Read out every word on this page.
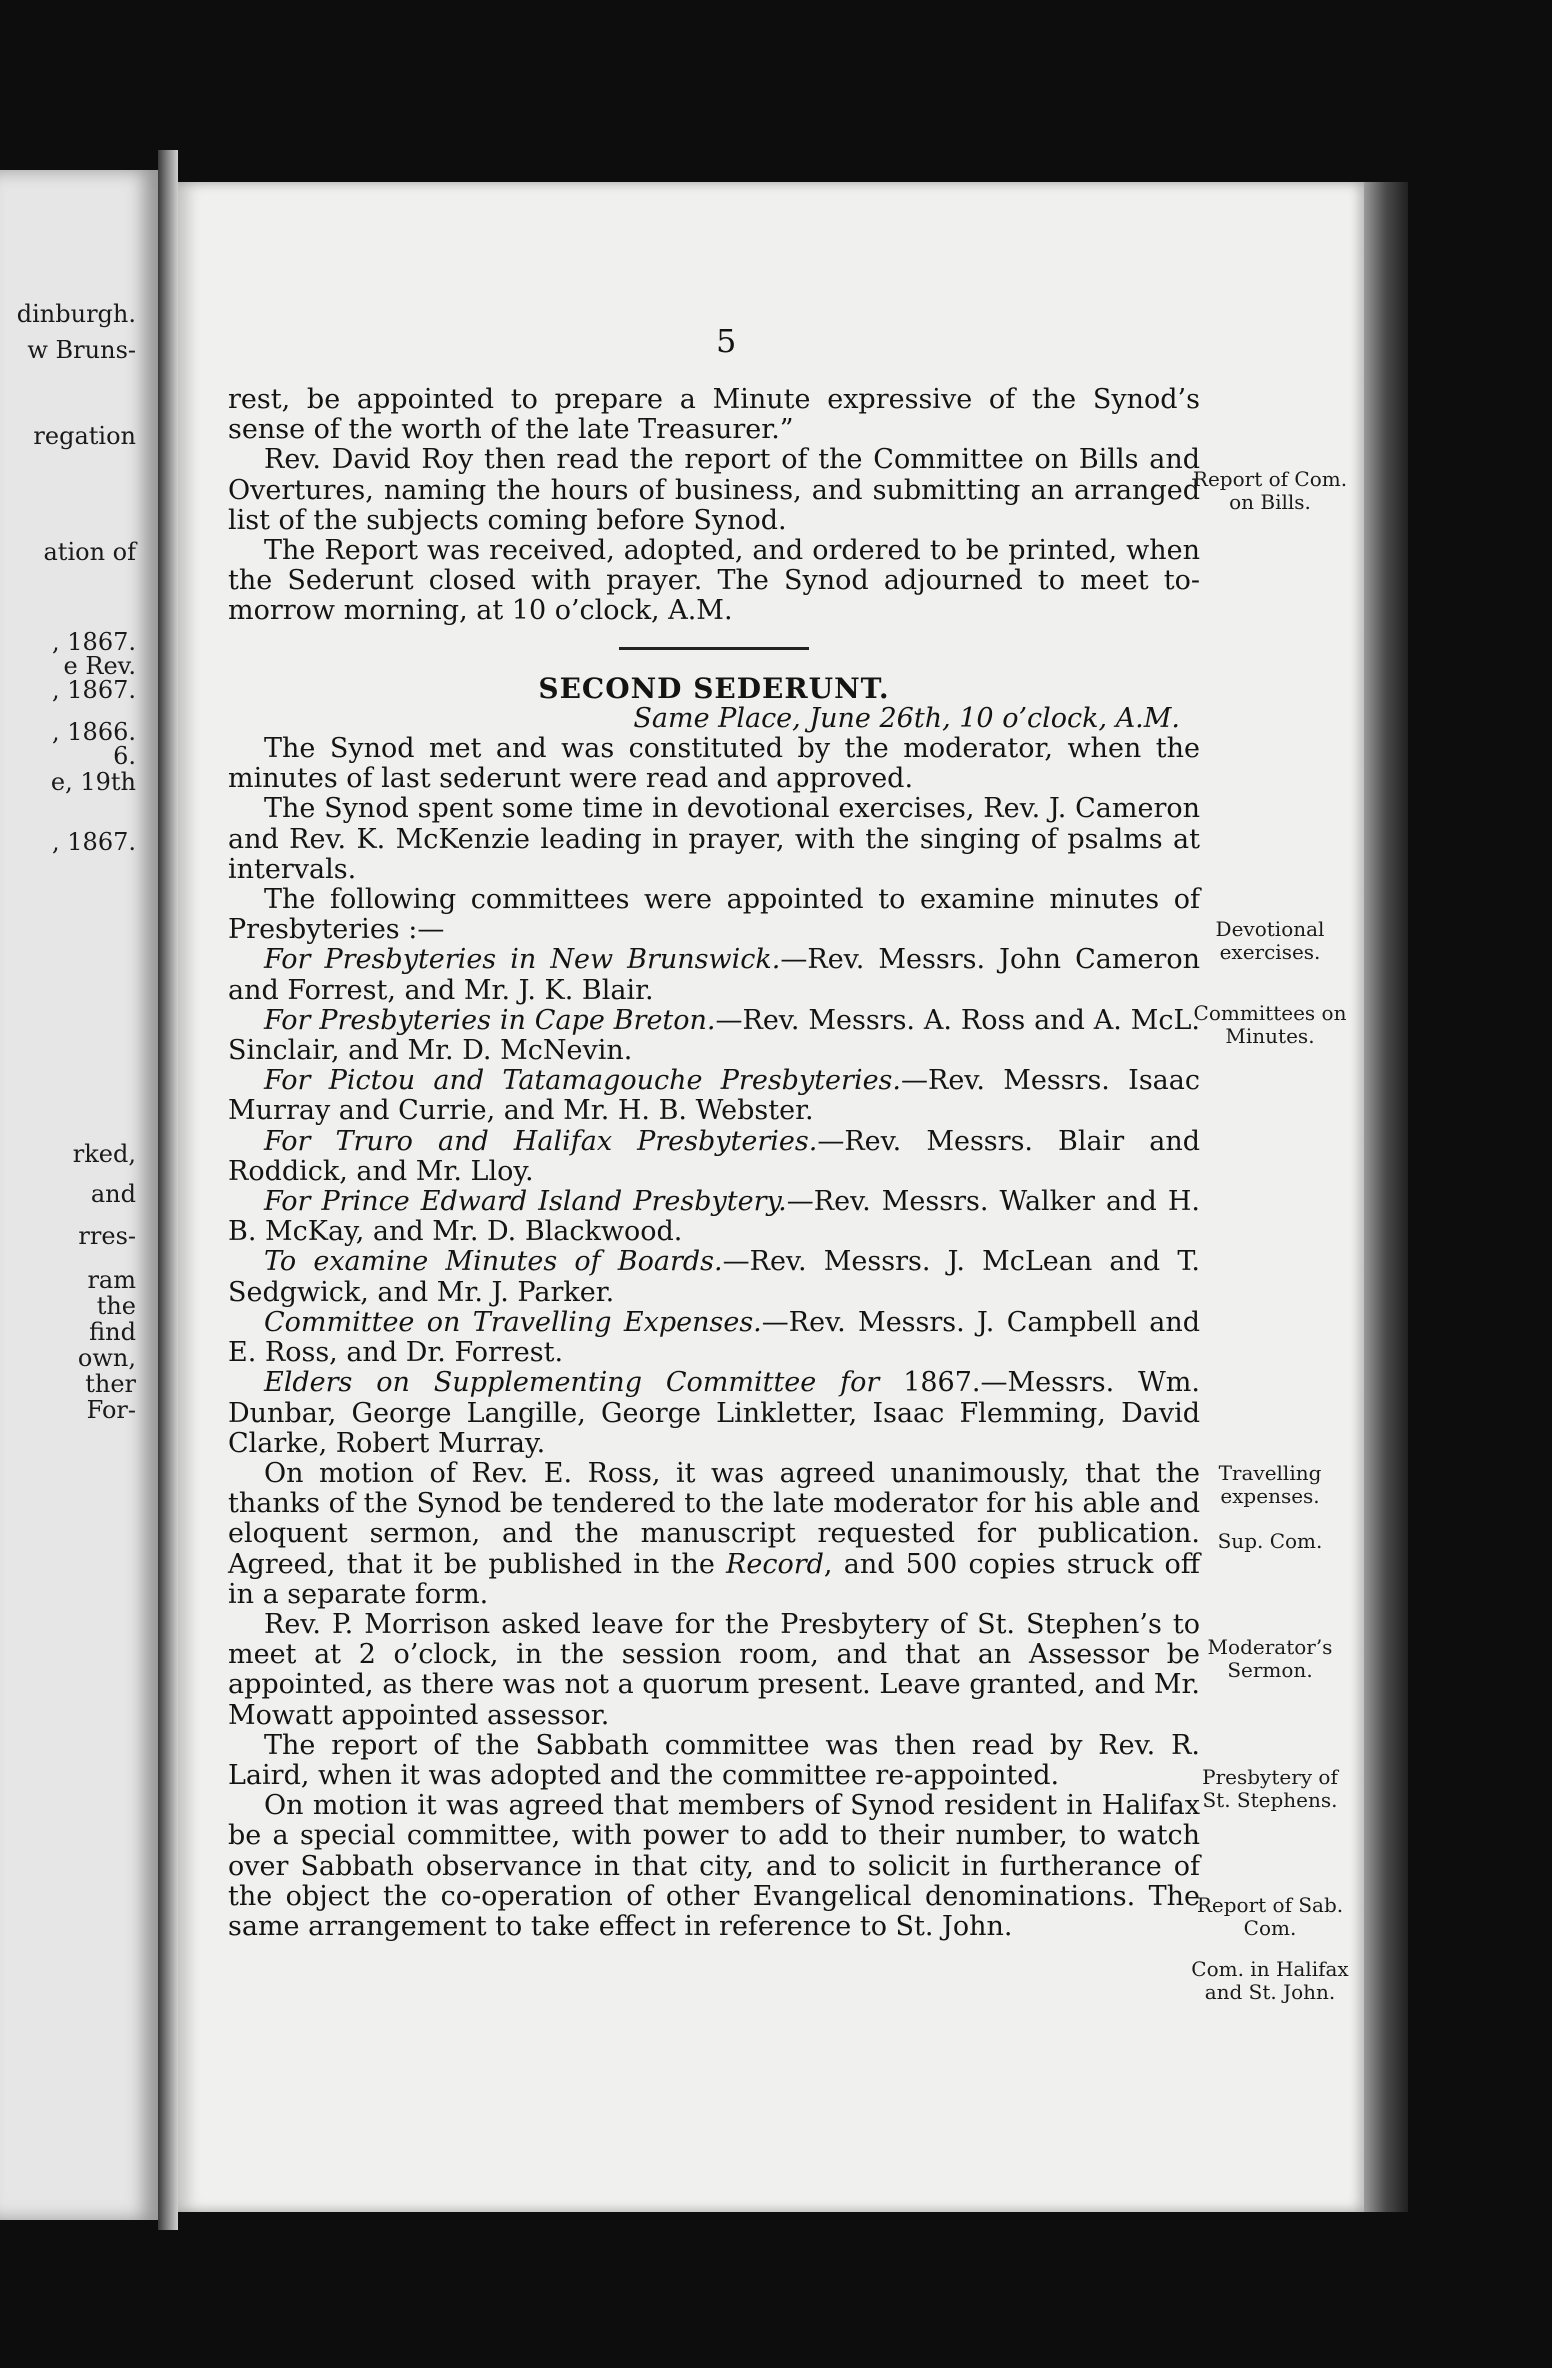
dinburgh.
w Bruns-
regation
ation of
, 1867.
e Rev.
, 1867.
, 1866.
6.
e, 19th
, 1867.
rked,
and
rres-
ram
the
find
own,
ther
For-
5

rest, be appointed to prepare a Minute expressive of the Synod’s sense of the worth of the late Treasurer.”

Rev. David Roy then read the report of the Committee on Bills and Overtures, naming the hours of business, and submitting an arranged list of the subjects coming before Synod.

The Report was received, adopted, and ordered to be printed, when the Sederunt closed with prayer. The Synod adjourned to meet to-morrow morning, at 10 o’clock, A.M.

SECOND SEDERUNT.

Same Place, June 26th, 10 o’clock, A.M.

The Synod met and was constituted by the moderator, when the minutes of last sederunt were read and approved.

The Synod spent some time in devotional exercises, Rev. J. Cameron and Rev. K. McKenzie leading in prayer, with the singing of psalms at intervals.

The following committees were appointed to examine minutes of Presbyteries :—

For Presbyteries in New Brunswick.—Rev. Messrs. John Cameron and Forrest, and Mr. J. K. Blair.

For Presbyteries in Cape Breton.—Rev. Messrs. A. Ross and A. McL. Sinclair, and Mr. D. McNevin.

For Pictou and Tatamagouche Presbyteries.—Rev. Messrs. Isaac Murray and Currie, and Mr. H. B. Webster.

For Truro and Halifax Presbyteries.—Rev. Messrs. Blair and Roddick, and Mr. Lloy.

For Prince Edward Island Presbytery.—Rev. Messrs. Walker and H. B. McKay, and Mr. D. Blackwood.

To examine Minutes of Boards.—Rev. Messrs. J. McLean and T. Sedgwick, and Mr. J. Parker.

Committee on Travelling Expenses.—Rev. Messrs. J. Campbell and E. Ross, and Dr. Forrest.

Elders on Supplementing Committee for 1867.—Messrs. Wm. Dunbar, George Langille, George Linkletter, Isaac Flemming, David Clarke, Robert Murray.

On motion of Rev. E. Ross, it was agreed unanimously, that the thanks of the Synod be tendered to the late moderator for his able and eloquent sermon, and the manuscript requested for publication. Agreed, that it be published in the Record, and 500 copies struck off in a separate form.

Rev. P. Morrison asked leave for the Presbytery of St. Stephen’s to meet at 2 o’clock, in the session room, and that an Assessor be appointed, as there was not a quorum present. Leave granted, and Mr. Mowatt appointed assessor.

The report of the Sabbath committee was then read by Rev. R. Laird, when it was adopted and the committee re-appointed.

On motion it was agreed that members of Synod resident in Halifax be a special committee, with power to add to their number, to watch over Sabbath observance in that city, and to solicit in furtherance of the object the co-operation of other Evangelical denominations. The same arrangement to take effect in reference to St. John.

Report of Com. on Bills.
Devotional exercises.
Committees on Minutes.
Travelling expenses.
Sup. Com.
Moderator’s Sermon.
Presbytery of St. Stephens.
Report of Sab. Com.
Com. in Halifax and St. John.
